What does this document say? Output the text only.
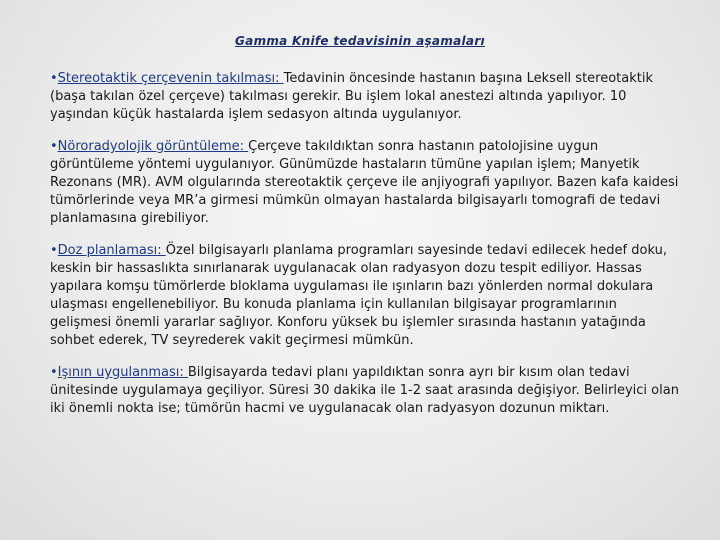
Gamma Knife tedavisinin aşamaları

•Stereotaktik çerçevenin takılması: Tedavinin öncesinde hastanın başına Leksell stereotaktik (başa takılan özel çerçeve) takılması gerekir. Bu işlem lokal anestezi altında yapılıyor. 10 yaşından küçük hastalarda işlem sedasyon altında uygulanıyor.

•Nöroradyolojik görüntüleme: Çerçeve takıldıktan sonra hastanın patolojisine uygun görüntüleme yöntemi uygulanıyor. Günümüzde hastaların tümüne yapılan işlem; Manyetik Rezonans (MR). AVM olgularında stereotaktik çerçeve ile anjiyografi yapılıyor. Bazen kafa kaidesi tümörlerinde veya MR’a girmesi mümkün olmayan hastalarda bilgisayarlı tomografi de tedavi planlamasına girebiliyor.

•Doz planlaması: Özel bilgisayarlı planlama programları sayesinde tedavi edilecek hedef doku, keskin bir hassaslıkta sınırlanarak uygulanacak olan radyasyon dozu tespit ediliyor. Hassas yapılara komşu tümörlerde bloklama uygulaması ile ışınların bazı yönlerden normal dokulara ulaşması engellenebiliyor. Bu konuda planlama için kullanılan bilgisayar programlarının gelişmesi önemli yararlar sağlıyor. Konforu yüksek bu işlemler sırasında hastanın yatağında sohbet ederek, TV seyrederek vakit geçirmesi mümkün.

•Işının uygulanması: Bilgisayarda tedavi planı yapıldıktan sonra ayrı bir kısım olan tedavi ünitesinde uygulamaya geçiliyor. Süresi 30 dakika ile 1-2 saat arasında değişiyor. Belirleyici olan iki önemli nokta ise; tümörün hacmi ve uygulanacak olan radyasyon dozunun miktarı.
